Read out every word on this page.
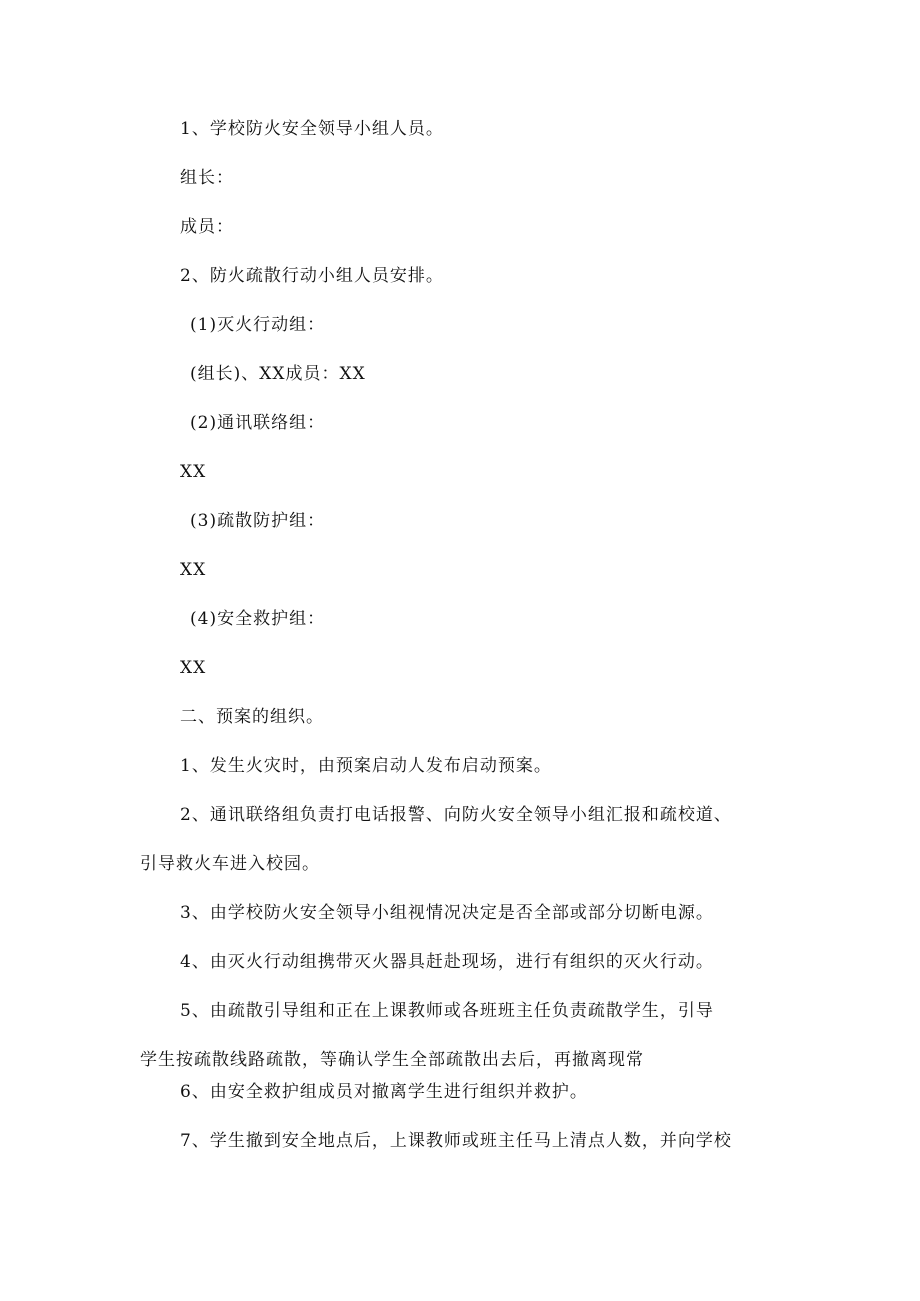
1、学校防火安全领导小组人员。
组长：
成员：
2、防火疏散行动小组人员安排。
(1)灭火行动组：
(组长)、XX成员：XX
(2)通讯联络组：
XX
(3)疏散防护组：
XX
(4)安全救护组：
XX
二、预案的组织。
1、发生火灾时，由预案启动人发布启动预案。
2、通讯联络组负责打电话报警、向防火安全领导小组汇报和疏校道、
引导救火车进入校园。
3、由学校防火安全领导小组视情况决定是否全部或部分切断电源。
4、由灭火行动组携带灭火器具赶赴现场，进行有组织的灭火行动。
5、由疏散引导组和正在上课教师或各班班主任负责疏散学生，引导
学生按疏散线路疏散，等确认学生全部疏散出去后，再撤离现常
6、由安全救护组成员对撤离学生进行组织并救护。
7、学生撤到安全地点后，上课教师或班主任马上清点人数，并向学校
